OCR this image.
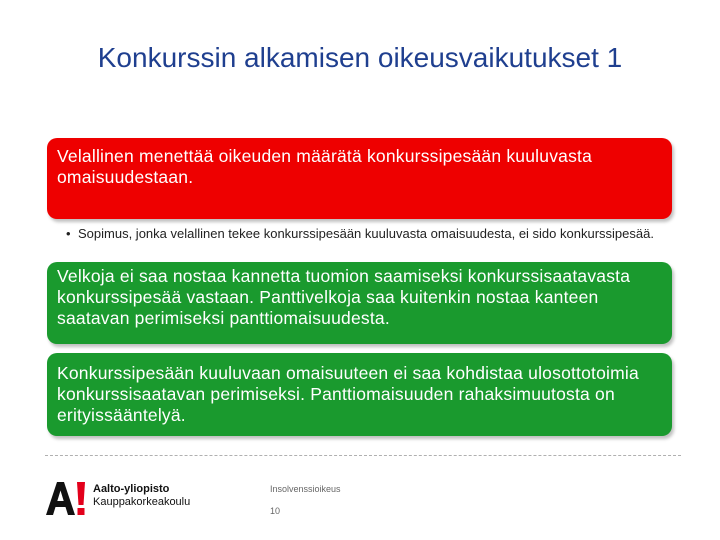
Konkurssin alkamisen oikeusvaikutukset 1
Velallinen menettää oikeuden määrätä konkurssipesään kuuluvasta omaisuudestaan.
• Sopimus, jonka velallinen tekee konkurssipesään kuuluvasta omaisuudesta, ei sido konkurssipesää.
Velkoja ei saa nostaa kannetta tuomion saamiseksi konkurssisaatavasta konkurssipesää vastaan. Panttivelkoja saa kuitenkin nostaa kanteen saatavan perimiseksi panttiomaisuudesta.
Konkurssipesään kuuluvaan omaisuuteen ei saa kohdistaa ulosottotoimia konkurssisaatavan perimiseksi. Panttiomaisuuden rahaksimuutosta on erityissääntelyä.
Aalto-yliopisto
Kauppakorkeakoulu
Insolvenssioikeus
10
